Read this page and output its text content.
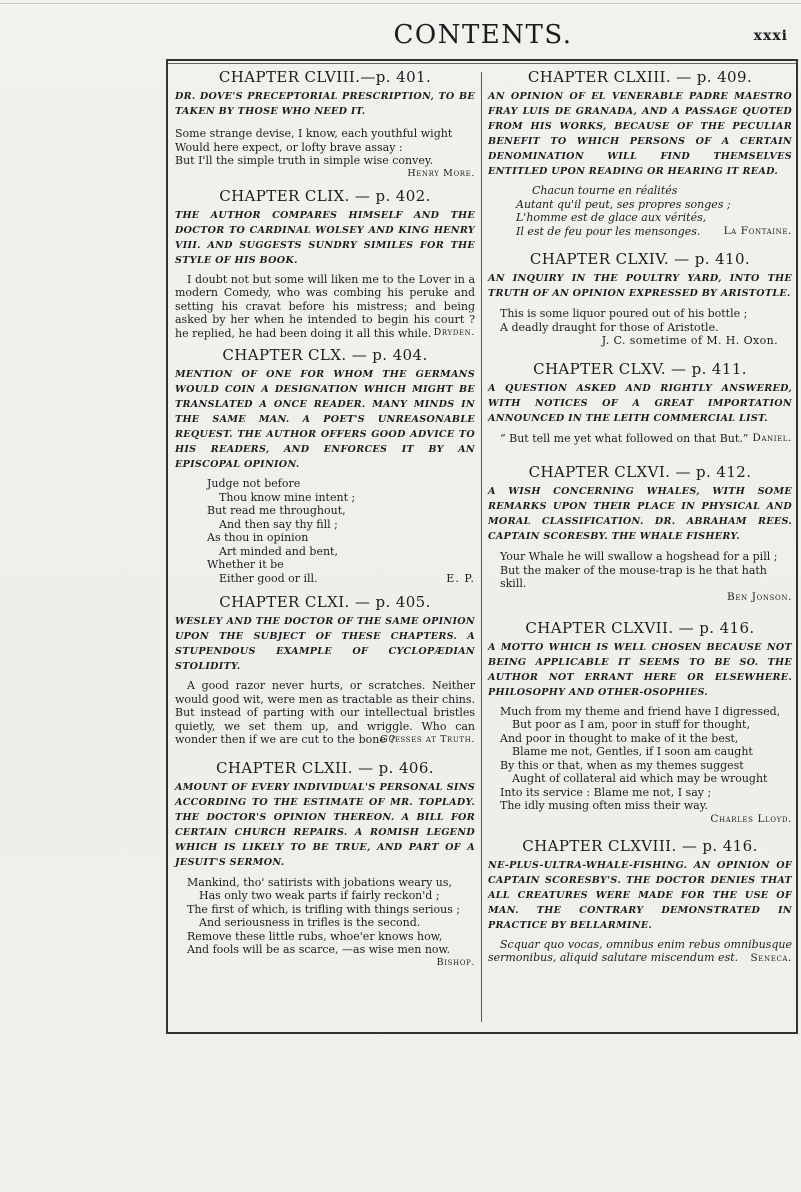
CONTENTS.	xxxi
CHAPTER CLVIII.—p. 401.
DR. DOVE'S PRECEPTORIAL PRESCRIPTION, TO BE TAKEN BY THOSE WHO NEED IT.
Some strange devise, I know, each youthful wight
Would here expect, or lofty brave assay :
But I'll the simple truth in simple wise convey.
Henry More.
CHAPTER CLIX. — p. 402.
THE AUTHOR COMPARES HIMSELF AND THE DOCTOR TO CARDINAL WOLSEY AND KING HENRY VIII. AND SUGGESTS SUNDRY SIMILES FOR THE STYLE OF HIS BOOK.

I doubt not but some will liken me to the Lover in a modern Comedy, who was combing his peruke and setting his cravat before his mistress; and being asked by her when he intended to begin his court ? he replied, he had been doing it all this while. Dryden.
CHAPTER CLX. — p. 404.
MENTION OF ONE FOR WHOM THE GERMANS WOULD COIN A DESIGNATION WHICH MIGHT BE TRANSLATED A ONCE READER. MANY MINDS IN THE SAME MAN. A POET'S UNREASONABLE REQUEST. THE AUTHOR OFFERS GOOD ADVICE TO HIS READERS, AND ENFORCES IT BY AN EPISCOPAL OPINION.
Judge not before
Thou know mine intent ;
But read me throughout,
And then say thy fill ;
As thou in opinion
Art minded and bent,
Whether it be
Either good or ill.	E. P.
CHAPTER CLXI. — p. 405.
WESLEY AND THE DOCTOR OF THE SAME OPINION UPON THE SUBJECT OF THESE CHAPTERS. A STUPENDOUS EXAMPLE OF CYCLOPÆDIAN STOLIDITY.

A good razor never hurts, or scratches. Neither would good wit, were men as tractable as their chins. But instead of parting with our intellectual bristles quietly, we set them up, and wriggle. Who can wonder then if we are cut to the bone ?

Guesses at Truth.
CHAPTER CLXII. — p. 406.
AMOUNT OF EVERY INDIVIDUAL'S PERSONAL SINS ACCORDING TO THE ESTIMATE OF MR. TOPLADY. THE DOCTOR'S OPINION THEREON. A BILL FOR CERTAIN CHURCH REPAIRS. A ROMISH LEGEND WHICH IS LIKELY TO BE TRUE, AND PART OF A JESUIT'S SERMON.
Mankind, tho' satirists with jobations weary us,
Has only two weak parts if fairly reckon'd ;
The first of which, is trifling with things serious ;
And seriousness in trifles is the second.
Remove these little rubs, whoe'er knows how,
And fools will be as scarce, —as wise men now.
Bishop.
CHAPTER CLXIII. — p. 409.
AN OPINION OF EL VENERABLE PADRE MAESTRO FRAY LUIS DE GRANADA, AND A PASSAGE QUOTED FROM HIS WORKS, BECAUSE OF THE PECULIAR BENEFIT TO WHICH PERSONS OF A CERTAIN DENOMINATION WILL FIND THEMSELVES ENTITLED UPON READING OR HEARING IT READ.
Chacun tourne en réalités
Autant qu'il peut, ses propres songes ;
L'homme est de glace aux vérités,
Il est de feu pour les mensonges. La Fontaine.
CHAPTER CLXIV. — p. 410.
AN INQUIRY IN THE POULTRY YARD, INTO THE TRUTH OF AN OPINION EXPRESSED BY ARISTOTLE.
This is some liquor poured out of his bottle ;
A deadly draught for those of Aristotle.
J. C. sometime of M. H. Oxon.
CHAPTER CLXV. — p. 411.
A QUESTION ASKED AND RIGHTLY ANSWERED, WITH NOTICES OF A GREAT IMPORTATION ANNOUNCED IN THE LEITH COMMERCIAL LIST.
“ But tell me yet what followed on that But.” Daniel.
CHAPTER CLXVI. — p. 412.
A WISH CONCERNING WHALES, WITH SOME REMARKS UPON THEIR PLACE IN PHYSICAL AND MORAL CLASSIFICATION. DR. ABRAHAM REES. CAPTAIN SCORESBY. THE WHALE FISHERY.
Your Whale he will swallow a hogshead for a pill ;
But the maker of the mouse-trap is he that hath skill.
Ben Jonson.
CHAPTER CLXVII. — p. 416.
A MOTTO WHICH IS WELL CHOSEN BECAUSE NOT BEING APPLICABLE IT SEEMS TO BE SO. THE AUTHOR NOT ERRANT HERE OR ELSEWHERE. PHILOSOPHY AND OTHER-OSOPHIES.
Much from my theme and friend have I digressed,
But poor as I am, poor in stuff for thought,
And poor in thought to make of it the best,
Blame me not, Gentles, if I soon am caught
By this or that, when as my themes suggest
Aught of collateral aid which may be wrought
Into its service : Blame me not, I say ;
The idly musing often miss their way.
Charles Lloyd.
CHAPTER CLXVIII. — p. 416.
NE-PLUS-ULTRA-WHALE-FISHING. AN OPINION OF CAPTAIN SCORESBY'S. THE DOCTOR DENIES THAT ALL CREATURES WERE MADE FOR THE USE OF MAN. THE CONTRARY DEMONSTRATED IN PRACTICE BY BELLARMINE.

Scquar quo vocas, omnibus enim rebus omnibusque sermonibus, aliquid salutare miscendum est.	Seneca.
